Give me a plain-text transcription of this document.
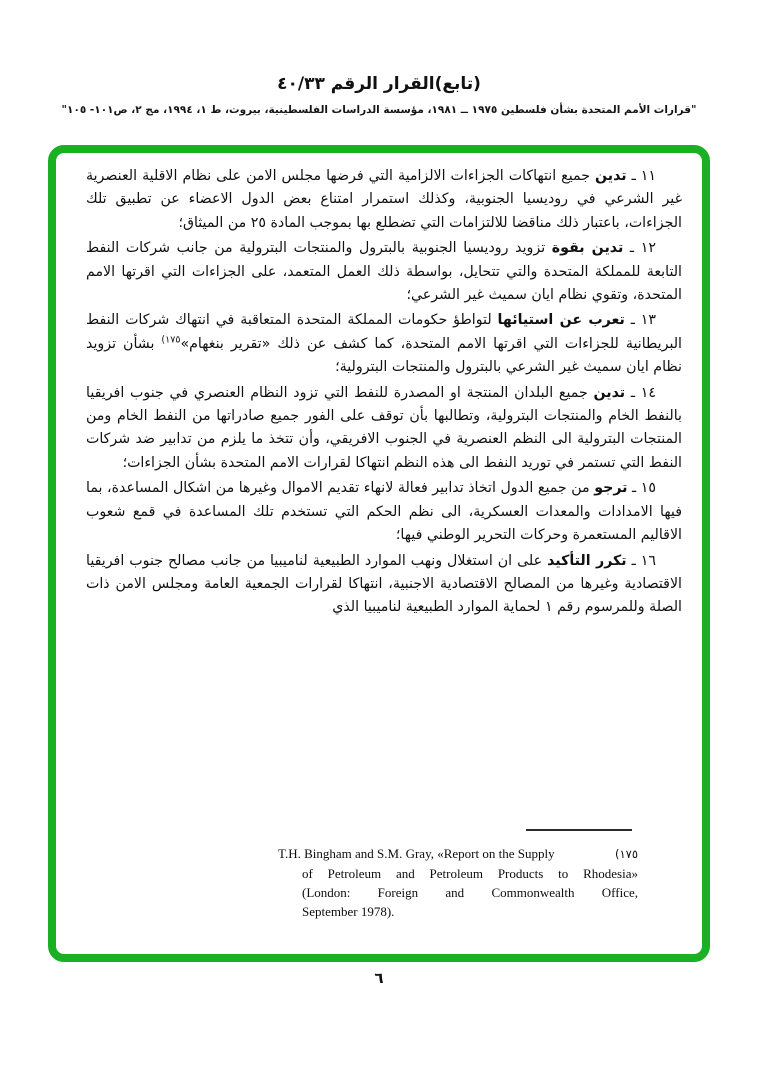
(تابع)القرار الرقم ٤٠/٣٣
"قرارات الأمم المتحدة بشأن فلسطين ١٩٧٥ ــ ١٩٨١، مؤسسة الدراسات الفلسطينية، بيروت، ط ١، ١٩٩٤، مج ٢، ص١٠١- ١٠٥"

١١ ـ تدين جميع انتهاكات الجزاءات الالزامية التي فرضها مجلس الامن على نظام الاقلية العنصرية غير الشرعي في روديسيا الجنوبية، وكذلك استمرار امتناع بعض الدول الاعضاء عن تطبيق تلك الجزاءات، باعتبار ذلك مناقضا للالتزامات التي تضطلع بها بموجب المادة ٢٥ من الميثاق؛

١٢ ـ تدين بقوة تزويد روديسيا الجنوبية بالبترول والمنتجات البترولية من جانب شركات النفط التابعة للمملكة المتحدة والتي تتحايل، بواسطة ذلك العمل المتعمد، على الجزاءات التي اقرتها الامم المتحدة، وتقوي نظام ايان سميث غير الشرعي؛

١٣ ـ تعرب عن استيائها لتواطؤ حكومات المملكة المتحدة المتعاقبة في انتهاك شركات النفط البريطانية للجزاءات التي اقرتها الامم المتحدة، كما كشف عن ذلك «تقرير بنغهام»$^{(١٧٥}$ بشأن تزويد نظام ايان سميث غير الشرعي بالبترول والمنتجات البترولية؛

١٤ ـ تدين جميع البلدان المنتجة او المصدرة للنفط التي تزود النظام العنصري في جنوب افريقيا بالنفط الخام والمنتجات البترولية، وتطالبها بأن توقف على الفور جميع صادراتها من النفط الخام ومن المنتجات البترولية الى النظم العنصرية في الجنوب الافريقي، وأن تتخذ ما يلزم من تدابير ضد شركات النفط التي تستمر في توريد النفط الى هذه النظم انتهاكا لقرارات الامم المتحدة بشأن الجزاءات؛

١٥ ـ ترجو من جميع الدول اتخاذ تدابير فعالة لانهاء تقديم الاموال وغيرها من اشكال المساعدة، بما فيها الامدادات والمعدات العسكرية، الى نظم الحكم التي تستخدم تلك المساعدة في قمع شعوب الاقاليم المستعمرة وحركات التحرير الوطني فيها؛

١٦ ـ تكرر التأكيد على ان استغلال ونهب الموارد الطبيعية لناميبيا من جانب مصالح جنوب افريقيا الاقتصادية وغيرها من المصالح الاقتصادية الاجنبية، انتهاكا لقرارات الجمعية العامة ومجلس الامن ذات الصلة وللمرسوم رقم ١ لحماية الموارد الطبيعية لناميبيا الذي

(١٧٥
T.H. Bingham and S.M. Gray, «Report on the Supply
of Petroleum and Petroleum Products to Rhodesia»
(London: Foreign and Commonwealth Office,
September 1978).
٦
